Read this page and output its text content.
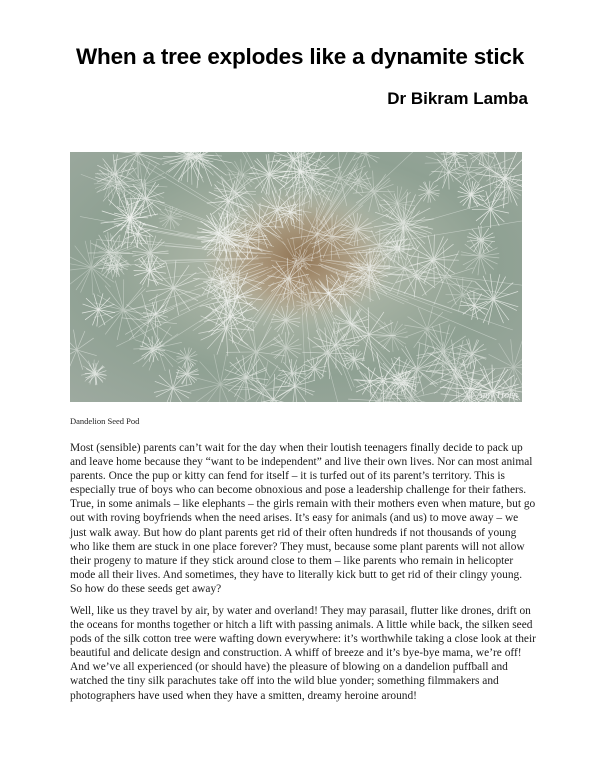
When a tree explodes like a dynamite stick
Dr Bikram Lamba
© Amy Horn
Dandelion Seed Pod

Most (sensible) parents can’t wait for the day when their loutish teenagers finally decide to pack up and leave home because they “want to be independent” and live their own lives. Nor can most animal parents. Once the pup or kitty can fend for itself – it is turfed out of its parent’s territory. This is especially true of boys who can become obnoxious and pose a leadership challenge for their fathers. True, in some animals – like elephants – the girls remain with their mothers even when mature, but go out with roving boyfriends when the need arises. It’s easy for animals (and us) to move away – we just walk away. But how do plant parents get rid of their often hundreds if not thousands of young who like them are stuck in one place forever? They must, because some plant parents will not allow their progeny to mature if they stick around close to them – like parents who remain in helicopter mode all their lives. And sometimes, they have to literally kick butt to get rid of their clingy young. So how do these seeds get away?

Well, like us they travel by air, by water and overland! They may parasail, flutter like drones, drift on the oceans for months together or hitch a lift with passing animals. A little while back, the silken seed pods of the silk cotton tree were wafting down everywhere: it’s worthwhile taking a close look at their beautiful and delicate design and construction. A whiff of breeze and it’s bye-bye mama, we’re off! And we’ve all experienced (or should have) the pleasure of blowing on a dandelion puffball and watched the tiny silk parachutes take off into the wild blue yonder; something filmmakers and photographers have used when they have a smitten, dreamy heroine around!
